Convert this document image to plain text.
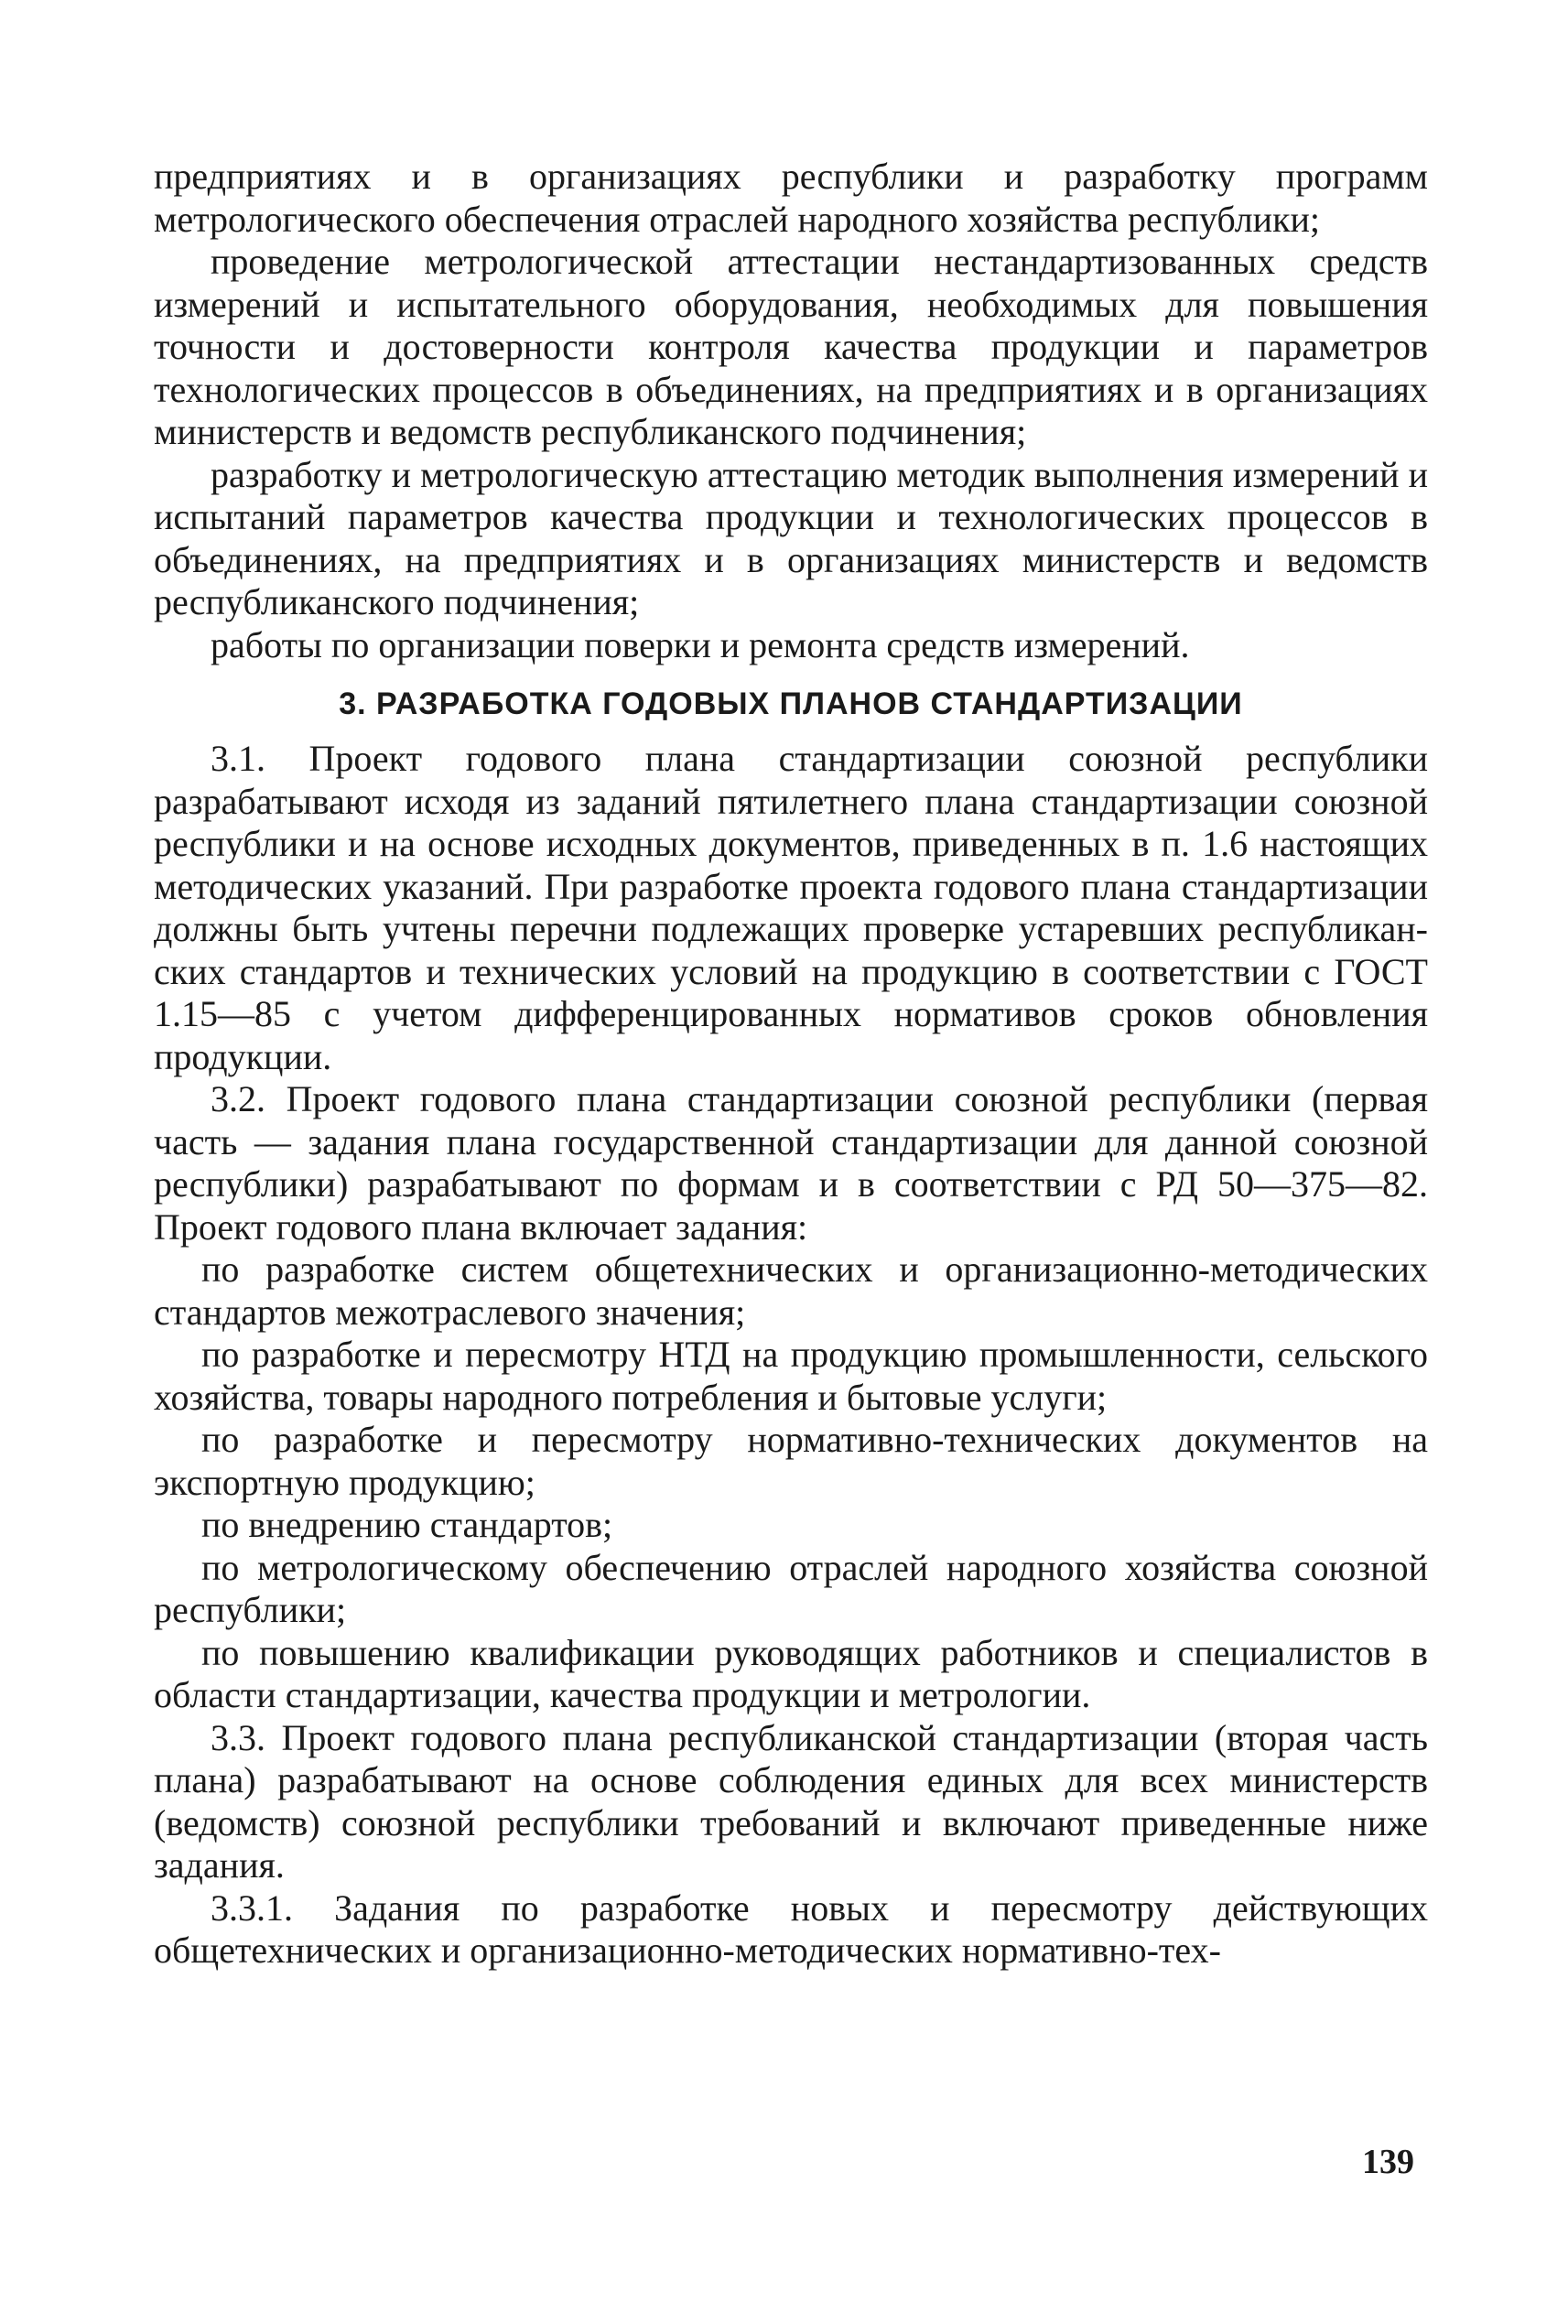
предприятиях и в организациях республики и разработку программ метрологического обеспечения отраслей народного хозяйства республики;

проведение метрологической аттестации нестандартизованных средств измерений и испытательного оборудования, необходимых для повышения точности и достоверности контроля качества продукции и параметров технологических процессов в объединениях, на предприятиях и в организациях министерств и ведомств республиканского подчинения;

разработку и метрологическую аттестацию методик выполнения измерений и испытаний параметров качества продукции и технологических процессов в объединениях, на предприятиях и в организациях министерств и ведомств республиканского подчинения;

работы по организации поверки и ремонта средств измерений.

3. РАЗРАБОТКА ГОДОВЫХ ПЛАНОВ СТАНДАРТИЗАЦИИ

3.1. Проект годового плана стандартизации союзной республики разрабатывают исходя из заданий пятилетнего плана стандартизации союзной республики и на основе исходных документов, приведенных в п. 1.6 настоящих методических указаний. При разработке проекта годового плана стандартизации должны быть учтены перечни подлежащих проверке устаревших республиканских стандартов и технических условий на продукцию в соответствии с ГОСТ 1.15—85 с учетом дифференцированных нормативов сроков обновления продукции.

3.2. Проект годового плана стандартизации союзной республики (первая часть — задания плана государственной стандартизации для данной союзной республики) разрабатывают по формам и в соответствии с РД 50—375—82. Проект годового плана включает задания:

по разработке систем общетехнических и организационно-методических стандартов межотраслевого значения;

по разработке и пересмотру НТД на продукцию промышленности, сельского хозяйства, товары народного потребления и бытовые услуги;

по разработке и пересмотру нормативно-технических документов на экспортную продукцию;

по внедрению стандартов;

по метрологическому обеспечению отраслей народного хозяйства союзной республики;

по повышению квалификации руководящих работников и специалистов в области стандартизации, качества продукции и метрологии.

3.3. Проект годового плана республиканской стандартизации (вторая часть плана) разрабатывают на основе соблюдения единых для всех министерств (ведомств) союзной республики требований и включают приведенные ниже задания.

3.3.1. Задания по разработке новых и пересмотру действующих общетехнических и организационно-методических нормативно-тех-

139
